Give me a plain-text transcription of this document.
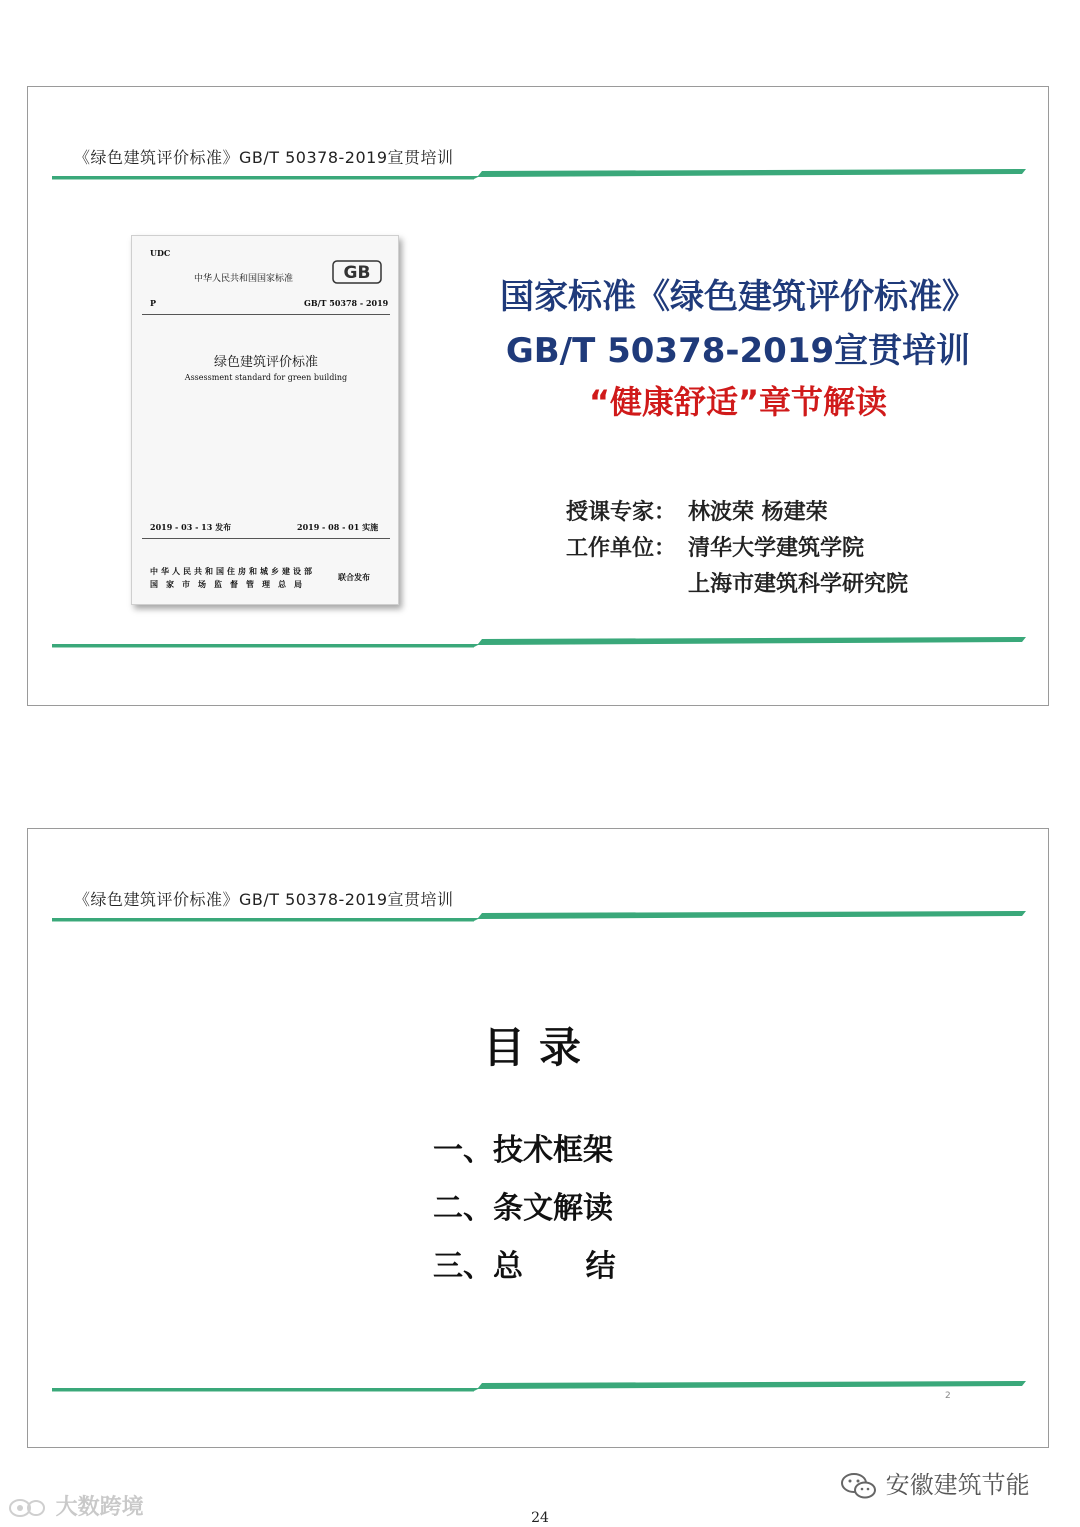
《绿色建筑评价标准》GB/T 50378-2019宣贯培训
UDC
中华人民共和国国家标准	GB
P	GB/T 50378 - 2019
绿色建筑评价标准
Assessment standard for green building
2019 - 03 - 13 发布	2019 - 08 - 01 实施
中华人民共和国住房和城乡建设部
国家市场监督管理总局
联合发布
国家标准《绿色建筑评价标准》
GB/T 50378-2019宣贯培训
“健康舒适”章节解读
授课专家： 林波荣 杨建荣
工作单位： 清华大学建筑学院
上海市建筑科学研究院
《绿色建筑评价标准》GB/T 50378-2019宣贯培训
目录
一、技术框架
二、条文解读
三、总      结
2
大数跨境
安徽建筑节能
24
